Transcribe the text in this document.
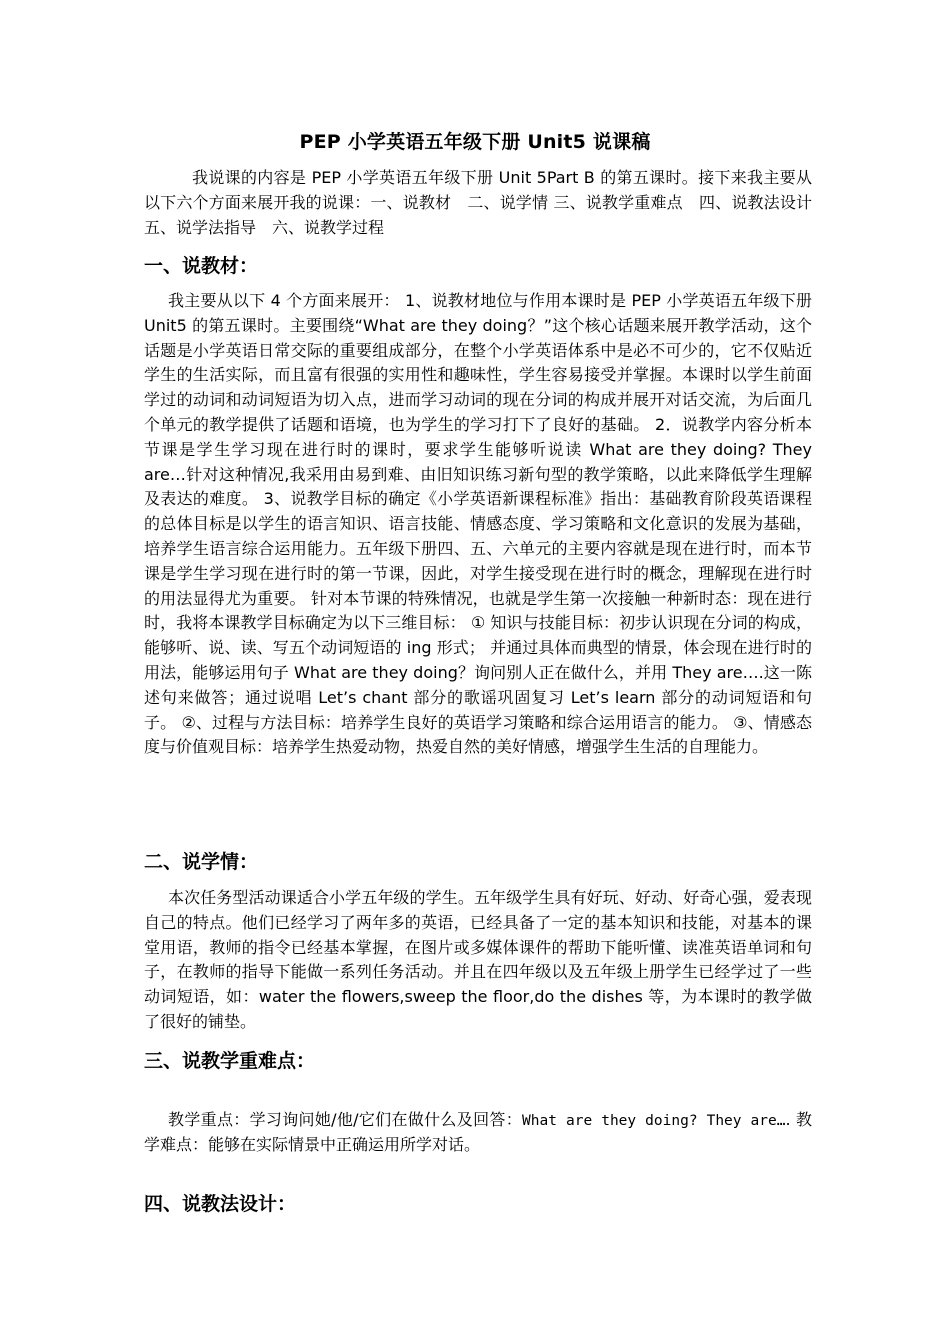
PEP 小学英语五年级下册 Unit5 说课稿
我说课的内容是 PEP 小学英语五年级下册 Unit 5Part B 的第五课时。接下来我主要从以下六个方面来展开我的说课：一、说教材　二、说学情 三、说教学重难点　四、说教法设计　五、说学法指导　六、说教学过程
一、说教材：
我主要从以下 4 个方面来展开： 1、说教材地位与作用本课时是 PEP 小学英语五年级下册 Unit5 的第五课时。主要围绕“What are they doing？”这个核心话题来展开教学活动，这个话题是小学英语日常交际的重要组成部分，在整个小学英语体系中是必不可少的，它不仅贴近学生的生活实际，而且富有很强的实用性和趣味性，学生容易接受并掌握。本课时以学生前面学过的动词和动词短语为切入点，进而学习动词的现在分词的构成并展开对话交流，为后面几个单元的教学提供了话题和语境，也为学生的学习打下了良好的基础。 2．说教学内容分析本节课是学生学习现在进行时的课时，要求学生能够听说读 What are they doing? They are…针对这种情况,我采用由易到难、由旧知识练习新句型的教学策略，以此来降低学生理解及表达的难度。 3、说教学目标的确定《小学英语新课程标准》指出：基础教育阶段英语课程的总体目标是以学生的语言知识、语言技能、情感态度、学习策略和文化意识的发展为基础，培养学生语言综合运用能力。五年级下册四、五、六单元的主要内容就是现在进行时，而本节课是学生学习现在进行时的第一节课，因此，对学生接受现在进行时的概念，理解现在进行时的用法显得尤为重要。 针对本节课的特殊情况，也就是学生第一次接触一种新时态：现在进行时，我将本课教学目标确定为以下三维目标： ① 知识与技能目标：初步认识现在分词的构成，能够听、说、读、写五个动词短语的 ing 形式； 并通过具体而典型的情景，体会现在进行时的用法，能够运用句子 What are they doing？询问别人正在做什么，并用 They are….这一陈述句来做答；通过说唱 Let’s chant 部分的歌谣巩固复习 Let’s learn 部分的动词短语和句子。 ②、过程与方法目标：培养学生良好的英语学习策略和综合运用语言的能力。 ③、情感态度与价值观目标：培养学生热爱动物，热爱自然的美好情感，增强学生生活的自理能力。
二、说学情：
本次任务型活动课适合小学五年级的学生。五年级学生具有好玩、好动、好奇心强，爱表现自己的特点。他们已经学习了两年多的英语，已经具备了一定的基本知识和技能，对基本的课堂用语，教师的指令已经基本掌握，在图片或多媒体课件的帮助下能听懂、读准英语单词和句子，在教师的指导下能做一系列任务活动。并且在四年级以及五年级上册学生已经学过了一些动词短语，如：water the flowers,sweep the floor,do the dishes 等，为本课时的教学做了很好的铺垫。
三、说教学重难点：
教学重点：学习询问她/他/它们在做什么及回答：What are they doing? They are…. 教学难点：能够在实际情景中正确运用所学对话。
四、说教法设计：
